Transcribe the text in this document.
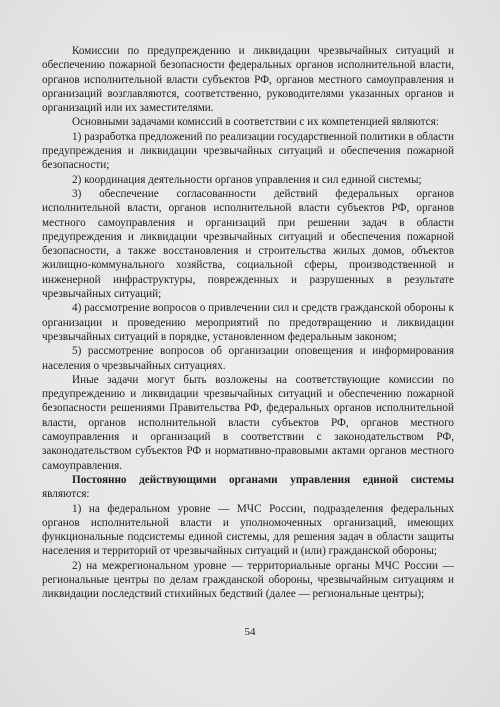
Комиссии по предупреждению и ликвидации чрезвычайных ситуаций и обеспечению пожарной безопасности федеральных органов исполнительной власти, органов исполнительной власти субъектов РФ, органов местного самоуправления и организаций возглавляются, соответственно, руководителями указанных органов и организаций или их заместителями.

Основными задачами комиссий в соответствии с их компетенцией являются:

1) разработка предложений по реализации государственной политики в области предупреждения и ликвидации чрезвычайных ситуаций и обеспечения пожарной безопасности;

2) координация деятельности органов управления и сил единой системы;

3) обеспечение согласованности действий федеральных органов исполнительной власти, органов исполнительной власти субъектов РФ, органов местного самоуправления и организаций при решении задач в области предупреждения и ликвидации чрезвычайных ситуаций и обеспечения пожарной безопасности, а также восстановления и строительства жилых домов, объектов жилищно-коммунального хозяйства, социальной сферы, производственной и инженерной инфраструктуры, поврежденных и разрушенных в результате чрезвычайных ситуаций;

4) рассмотрение вопросов о привлечении сил и средств гражданской обороны к организации и проведению мероприятий по предотвращению и ликвидации чрезвычайных ситуаций в порядке, установленном федеральным законом;

5) рассмотрение вопросов об организации оповещения и информирования населения о чрезвычайных ситуациях.

Иные задачи могут быть возложены на соответствующие комиссии по предупреждению и ликвидации чрезвычайных ситуаций и обеспечению пожарной безопасности решениями Правительства РФ, федеральных органов исполнительной власти, органов исполнительной власти субъектов РФ, органов местного самоуправления и организаций в соответствии с законодательством РФ, законодательством субъектов РФ и нормативно-правовыми актами органов местного самоуправления.

Постоянно действующими органами управления единой системы являются:

1) на федеральном уровне — МЧС России, подразделения федеральных органов исполнительной власти и уполномоченных организаций, имеющих функциональные подсистемы единой системы, для решения задач в области защиты населения и территорий от чрезвычайных ситуаций и (или) гражданской обороны;

2) на межрегиональном уровне — территориальные органы МЧС России — региональные центры по делам гражданской обороны, чрезвычайным ситуациям и ликвидации последствий стихийных бедствий (далее — региональные центры);

54
